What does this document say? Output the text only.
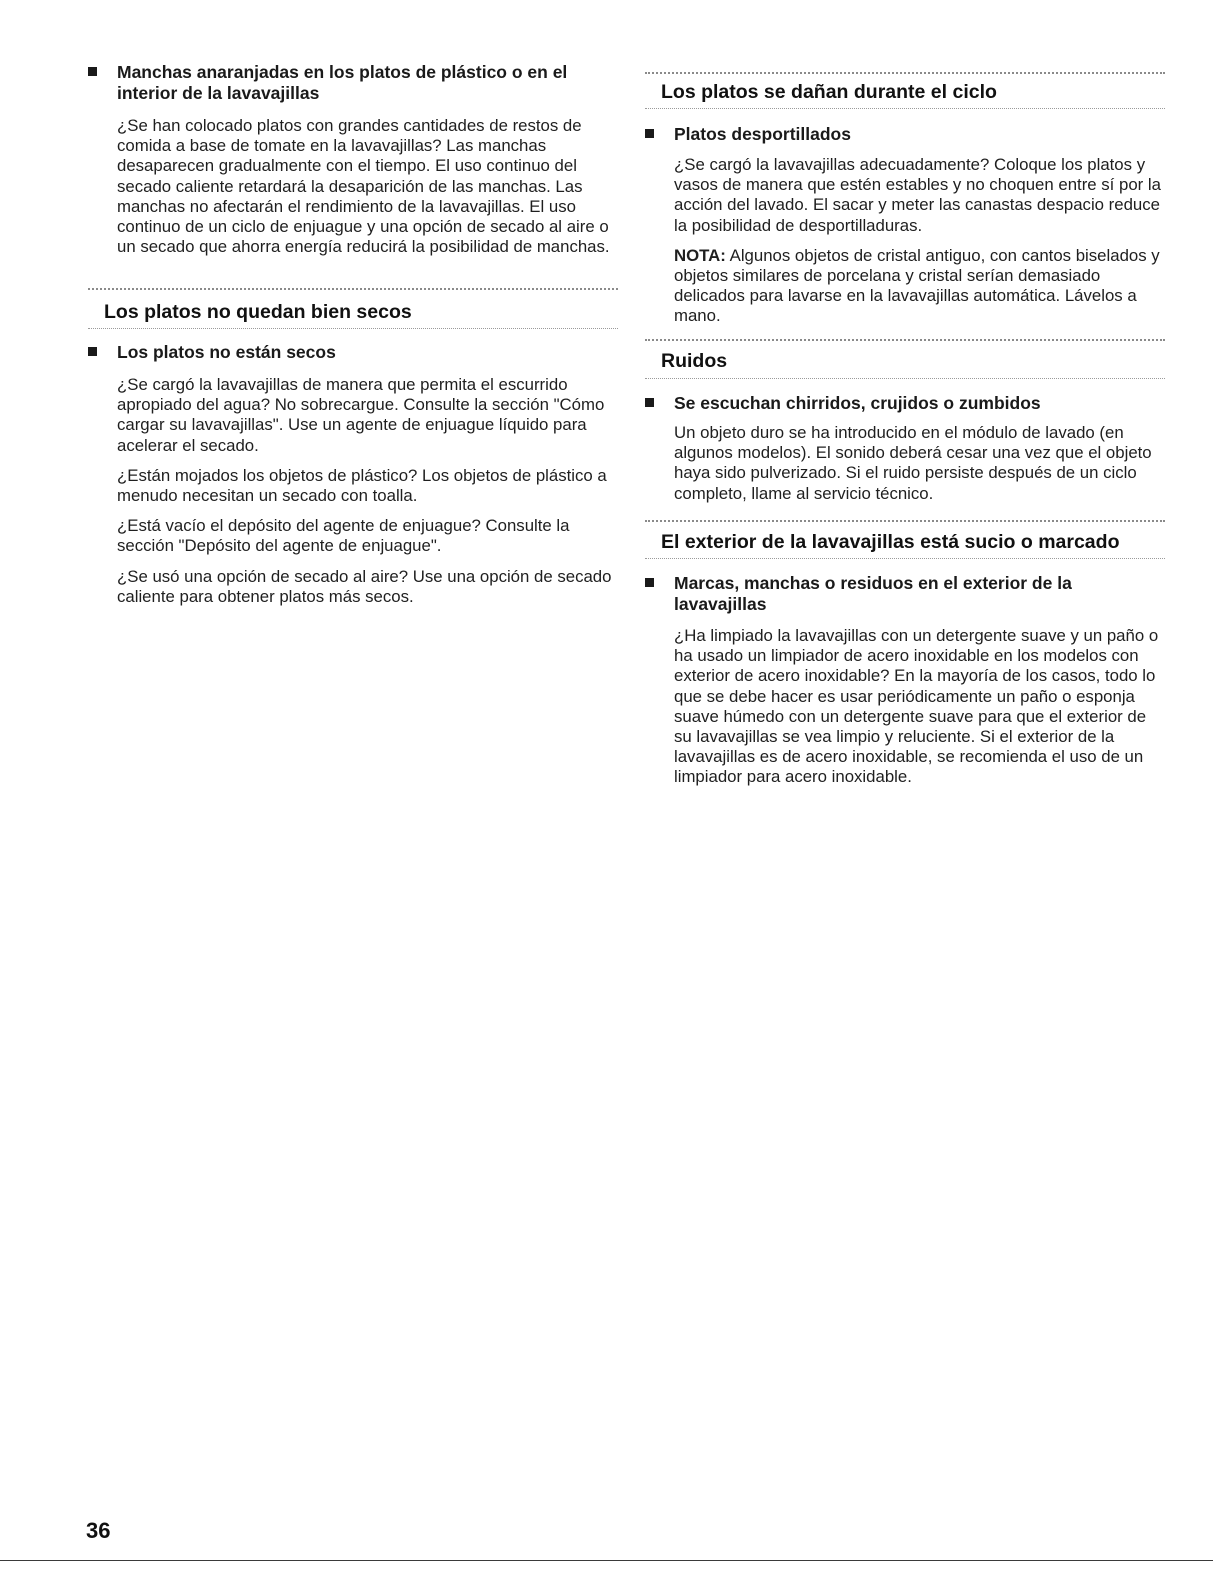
Manchas anaranjadas en los platos de plástico o en el interior de la lavavajillas
¿Se han colocado platos con grandes cantidades de restos de comida a base de tomate en la lavavajillas? Las manchas desaparecen gradualmente con el tiempo. El uso continuo del secado caliente retardará la desaparición de las manchas. Las manchas no afectarán el rendimiento de la lavavajillas. El uso continuo de un ciclo de enjuague y una opción de secado al aire o un secado que ahorra energía reducirá la posibilidad de manchas.
Los platos no quedan bien secos
Los platos no están secos
¿Se cargó la lavavajillas de manera que permita el escurrido apropiado del agua? No sobrecargue. Consulte la sección "Cómo cargar su lavavajillas". Use un agente de enjuague líquido para acelerar el secado.
¿Están mojados los objetos de plástico? Los objetos de plástico a menudo necesitan un secado con toalla.
¿Está vacío el depósito del agente de enjuague? Consulte la sección "Depósito del agente de enjuague".
¿Se usó una opción de secado al aire? Use una opción de secado caliente para obtener platos más secos.
Los platos se dañan durante el ciclo
Platos desportillados
¿Se cargó la lavavajillas adecuadamente? Coloque los platos y vasos de manera que estén estables y no choquen entre sí por la acción del lavado. El sacar y meter las canastas despacio reduce la posibilidad de desportilladuras.
NOTA: Algunos objetos de cristal antiguo, con cantos biselados y objetos similares de porcelana y cristal serían demasiado delicados para lavarse en la lavavajillas automática. Lávelos a mano.
Ruidos
Se escuchan chirridos, crujidos o zumbidos
Un objeto duro se ha introducido en el módulo de lavado (en algunos modelos). El sonido deberá cesar una vez que el objeto haya sido pulverizado. Si el ruido persiste después de un ciclo completo, llame al servicio técnico.
El exterior de la lavavajillas está sucio o marcado
Marcas, manchas o residuos en el exterior de la lavavajillas
¿Ha limpiado la lavavajillas con un detergente suave y un paño o ha usado un limpiador de acero inoxidable en los modelos con exterior de acero inoxidable? En la mayoría de los casos, todo lo que se debe hacer es usar periódicamente un paño o esponja suave húmedo con un detergente suave para que el exterior de su lavavajillas se vea limpio y reluciente. Si el exterior de la lavavajillas es de acero inoxidable, se recomienda el uso de un limpiador para acero inoxidable.
36
